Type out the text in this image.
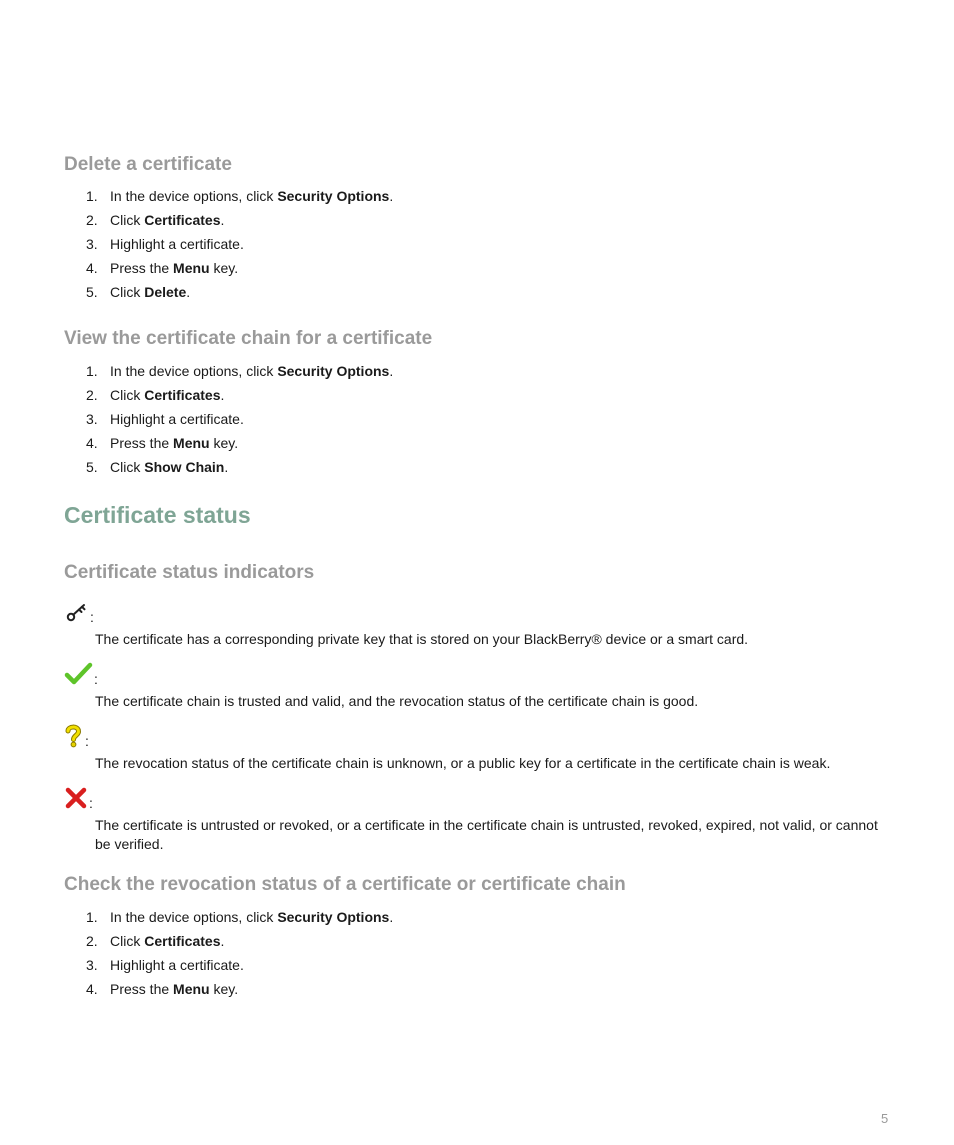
Delete a certificate
1. In the device options, click Security Options.
2. Click Certificates.
3. Highlight a certificate.
4. Press the Menu key.
5. Click Delete.
View the certificate chain for a certificate
1. In the device options, click Security Options.
2. Click Certificates.
3. Highlight a certificate.
4. Press the Menu key.
5. Click Show Chain.
Certificate status
Certificate status indicators
:
The certificate has a corresponding private key that is stored on your BlackBerry® device or a smart card.
:
The certificate chain is trusted and valid, and the revocation status of the certificate chain is good.
:
The revocation status of the certificate chain is unknown, or a public key for a certificate in the certificate chain is weak.
:
The certificate is untrusted or revoked, or a certificate in the certificate chain is untrusted, revoked, expired, not valid, or cannot be verified.
Check the revocation status of a certificate or certificate chain
1. In the device options, click Security Options.
2. Click Certificates.
3. Highlight a certificate.
4. Press the Menu key.
5
